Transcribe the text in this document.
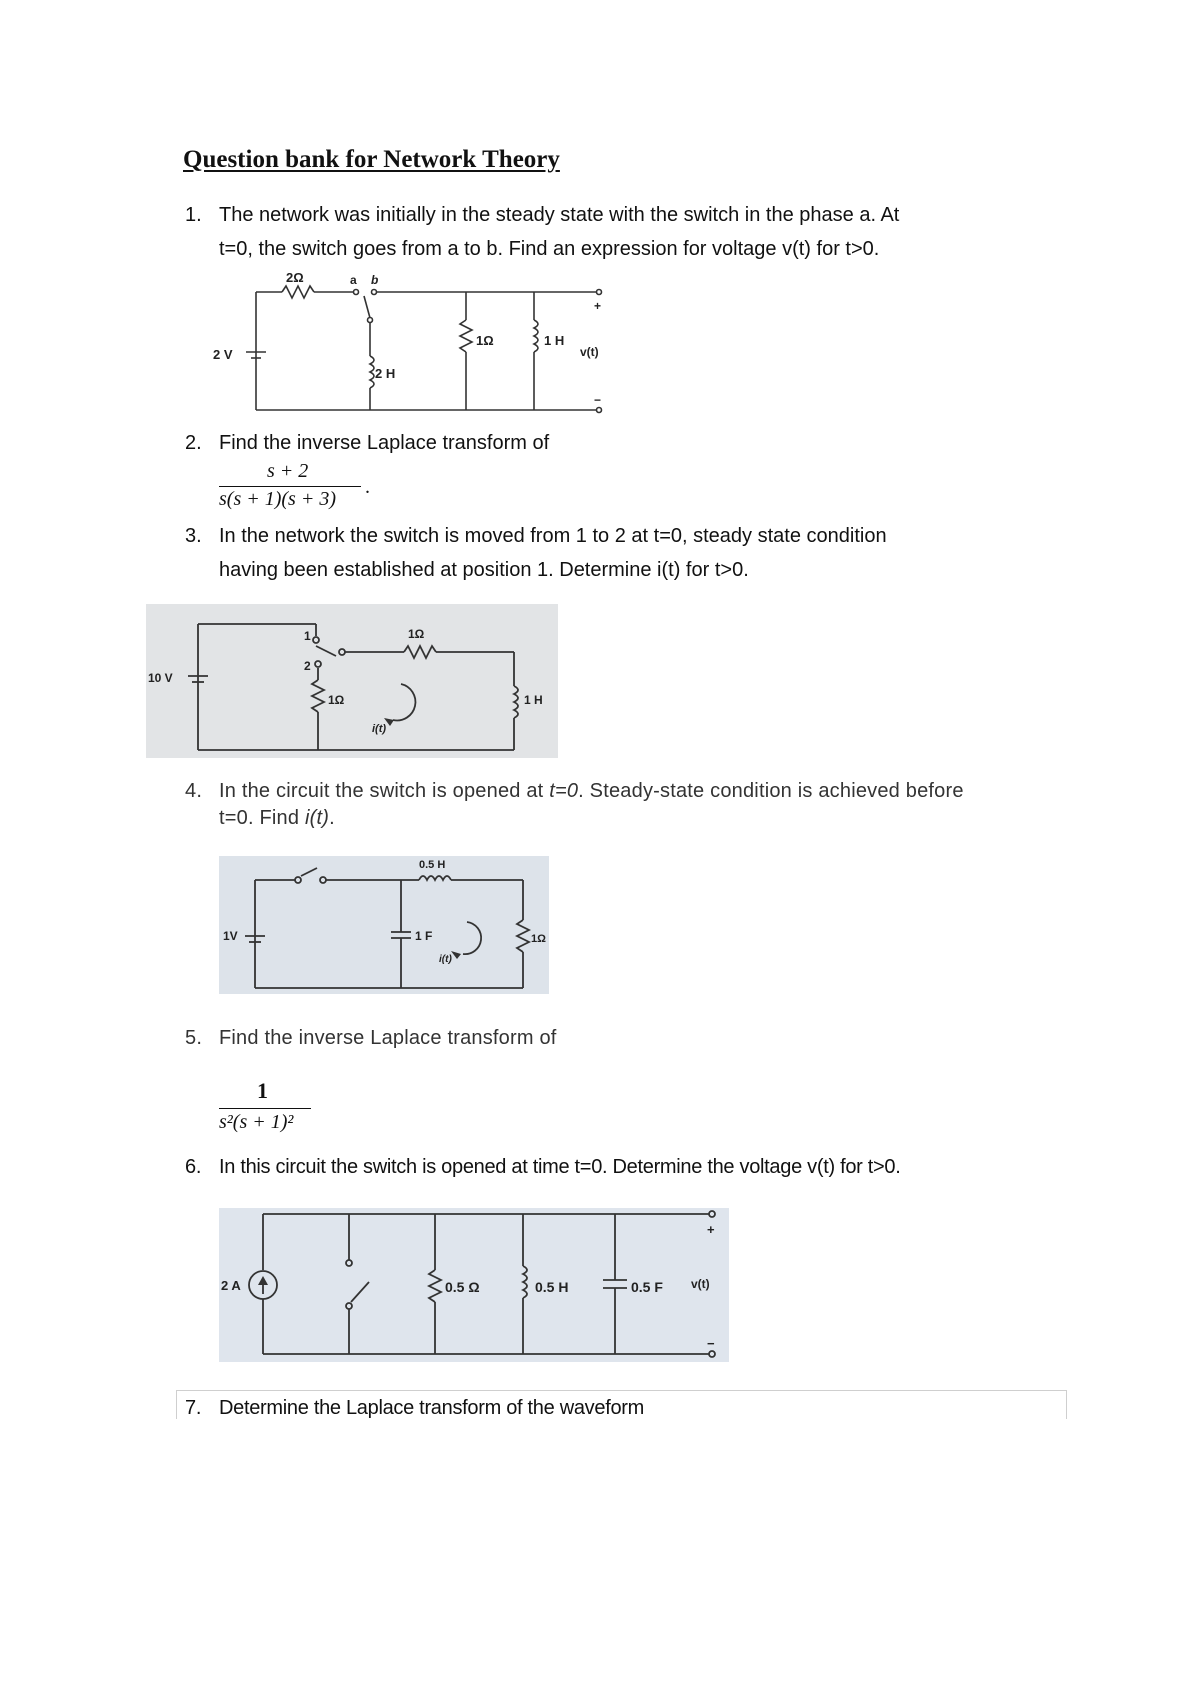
Question bank for Network Theory
1. The network was initially in the steady state with the switch in the phase a. At
t=0, the switch goes from a to b. Find an expression for voltage v(t) for t>0.
2Ω	a b
2 V
2 H
1Ω	1 H
v(t)
+
−
2. Find the inverse Laplace transform of
s + 2
s(s + 1)(s + 3)
.
3. In the network the switch is moved from 1 to 2 at t=0, steady state condition
having been established at position 1. Determine i(t) for t>0.
10 V
1
2
1Ω
1Ω	1 H
i(t)
4. In the circuit the switch is opened at t=0. Steady-state condition is achieved before
t=0. Find i(t).
1V
0.5 H
1 F	1Ω
i(t)
5. Find the inverse Laplace transform of
1
s²(s + 1)²
6. In this circuit the switch is opened at time t=0. Determine the voltage v(t) for t>0.
2 A	0.5 Ω	0.5 H	0.5 F v(t)
+
−
7. Determine the Laplace transform of the waveform
